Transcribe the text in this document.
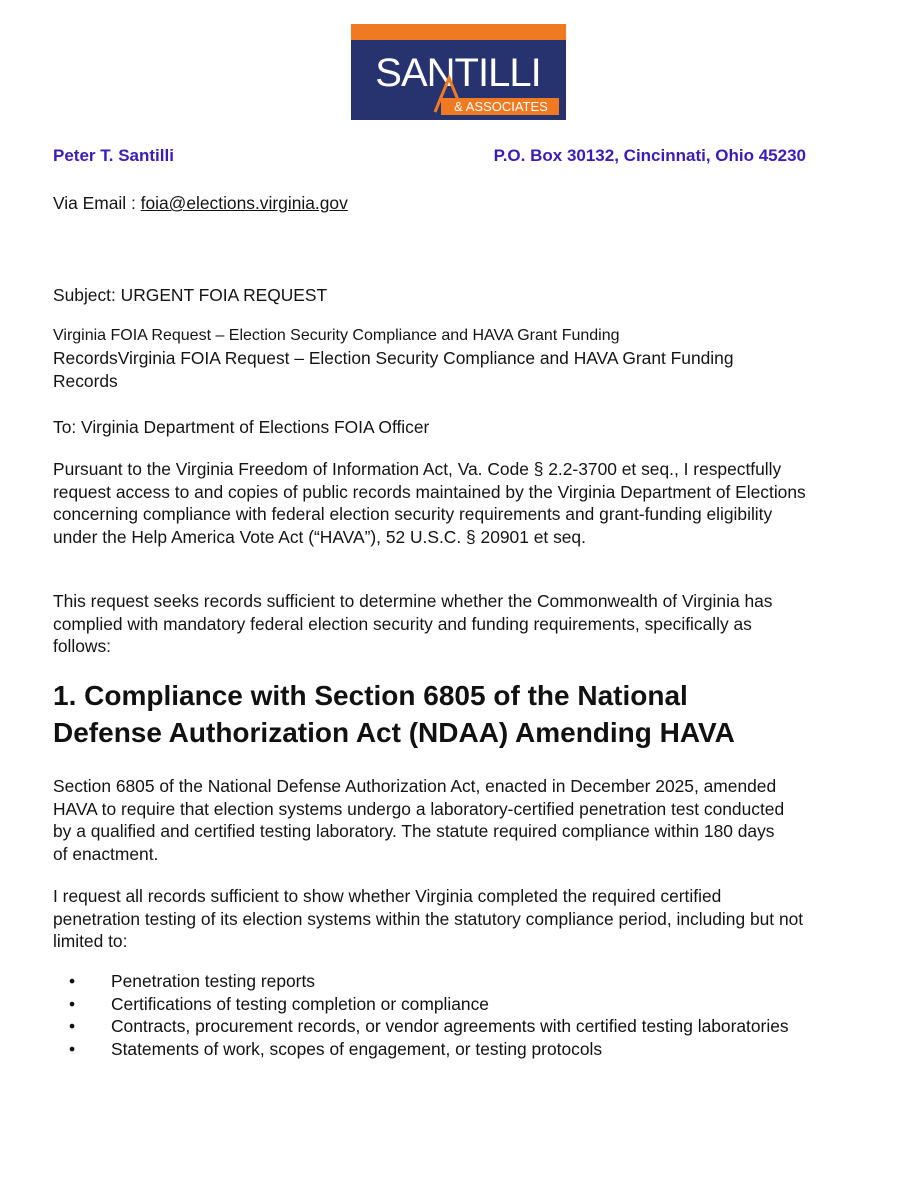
SANTILLI
& ASSOCIATES
Peter T. Santilli	P.O. Box 30132, Cincinnati, Ohio 45230
Via Email : foia@elections.virginia.gov
Subject: URGENT FOIA REQUEST
Virginia FOIA Request – Election Security Compliance and HAVA Grant Funding
RecordsVirginia FOIA Request – Election Security Compliance and HAVA Grant Funding
Records
To: Virginia Department of Elections FOIA Officer
Pursuant to the Virginia Freedom of Information Act, Va. Code § 2.2-3700 et seq., I respectfully request access to and copies of public records maintained by the Virginia Department of Elections concerning compliance with federal election security requirements and grant-funding eligibility under the Help America Vote Act (“HAVA”), 52 U.S.C. § 20901 et seq.
This request seeks records sufficient to determine whether the Commonwealth of Virginia has complied with mandatory federal election security and funding requirements, specifically as follows:
1. Compliance with Section 6805 of the National Defense Authorization Act (NDAA) Amending HAVA
Section 6805 of the National Defense Authorization Act, enacted in December 2025, amended HAVA to require that election systems undergo a laboratory-certified penetration test conducted by a qualified and certified testing laboratory. The statute required compliance within 180 days of enactment.
I request all records sufficient to show whether Virginia completed the required certified penetration testing of its election systems within the statutory compliance period, including but not limited to:
• Penetration testing reports
• Certifications of testing completion or compliance
• Contracts, procurement records, or vendor agreements with certified testing laboratories
• Statements of work, scopes of engagement, or testing protocols
